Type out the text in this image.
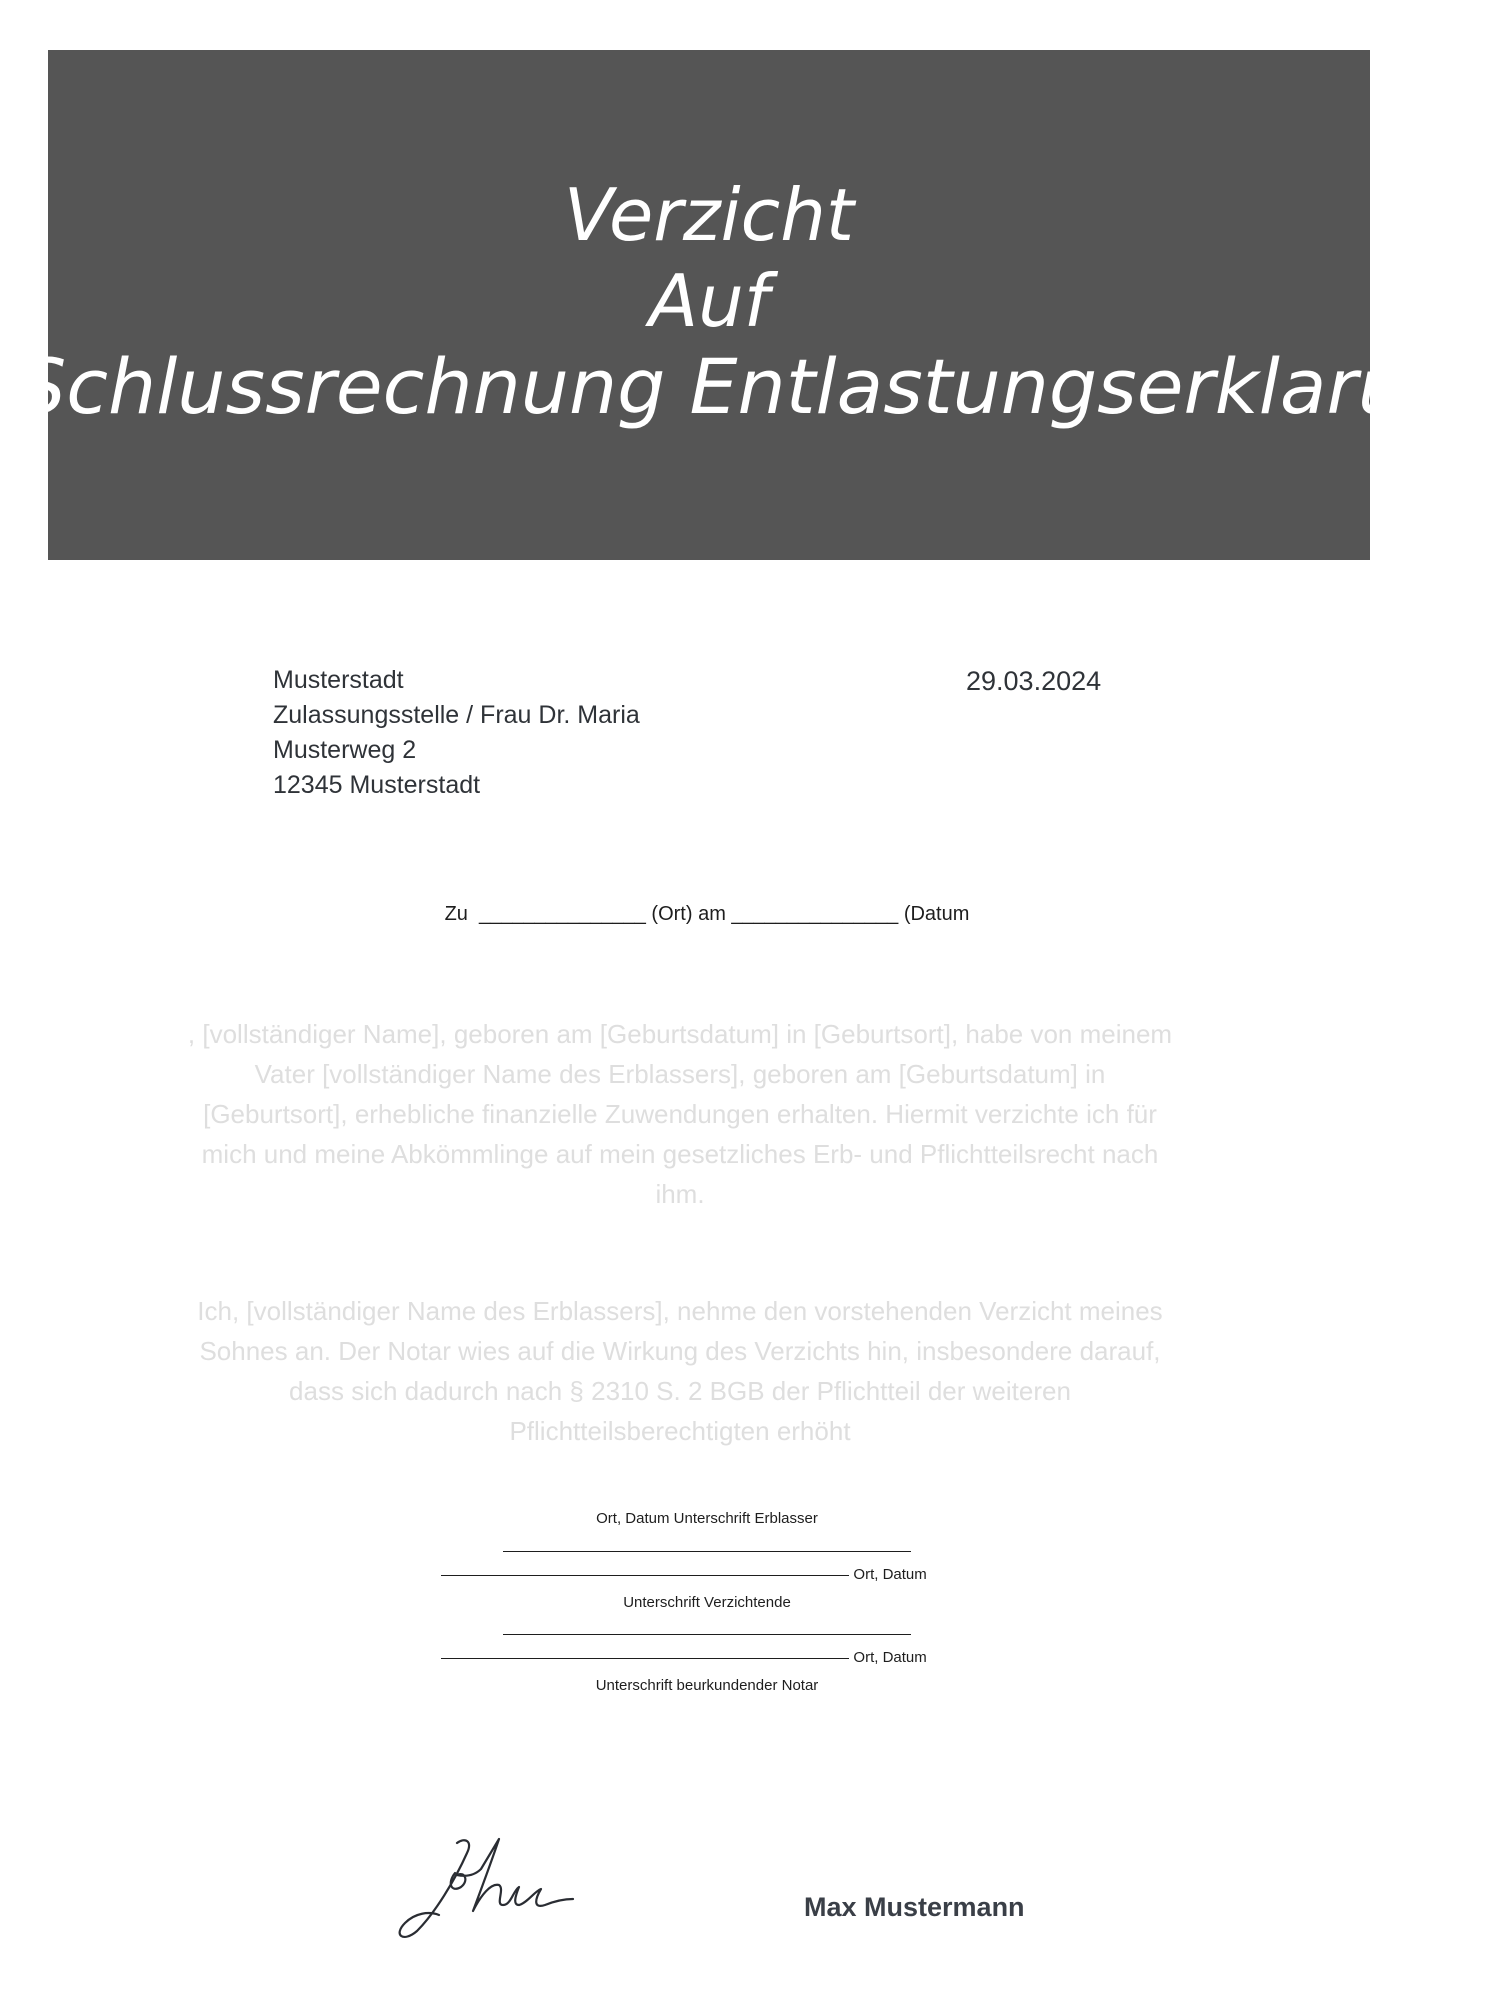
Verzicht
Auf
Schlussrechnung Entlastungserklarung
Musterstadt
Zulassungsstelle / Frau Dr. Maria
Musterweg 2
12345 Musterstadt
29.03.2024
Zu  _______________ (Ort) am _______________ (Datum

, [vollständiger Name], geboren am [Geburtsdatum] in [Geburtsort], habe von meinem Vater [vollständiger Name des Erblassers], geboren am [Geburtsdatum] in [Geburtsort], erhebliche finanzielle Zuwendungen erhalten. Hiermit verzichte ich für mich und meine Abkömmlinge auf mein gesetzliches Erb- und Pflichtteilsrecht nach ihm.

Ich, [vollständiger Name des Erblassers], nehme den vorstehenden Verzicht meines Sohnes an. Der Notar wies auf die Wirkung des Verzichts hin, insbesondere darauf, dass sich dadurch nach § 2310 S. 2 BGB der Pflichtteil der weiteren Pflichtteilsberechtigten erhöht

Ort, Datum Unterschrift Erblasser
Ort, Datum
Unterschrift Verzichtende
Ort, Datum
Unterschrift beurkundender Notar
Max Mustermann
